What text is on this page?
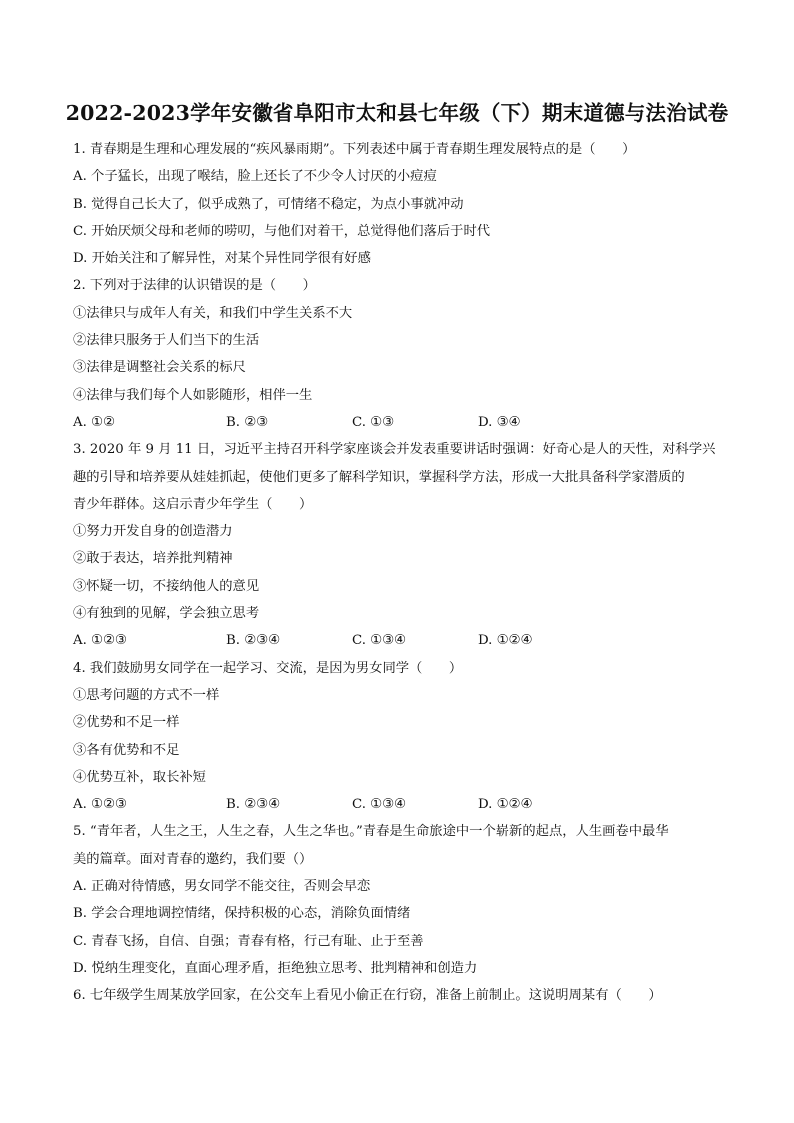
2022-2023学年安徽省阜阳市太和县七年级（下）期末道德与法治试卷
1. 青春期是生理和心理发展的“疾风暴雨期”。下列表述中属于青春期生理发展特点的是（　　）
A. 个子猛长，出现了喉结，脸上还长了不少令人讨厌的小痘痘
B. 觉得自己长大了，似乎成熟了，可情绪不稳定，为点小事就冲动
C. 开始厌烦父母和老师的唠叨，与他们对着干，总觉得他们落后于时代
D. 开始关注和了解异性，对某个异性同学很有好感
2. 下列对于法律的认识错误的是（　　）
①法律只与成年人有关，和我们中学生关系不大
②法律只服务于人们当下的生活
③法律是调整社会关系的标尺
④法律与我们每个人如影随形，相伴一生
A. ①②	B. ②③	C. ①③	D. ③④
3. 2020 年 9 月 11 日，习近平主持召开科学家座谈会并发表重要讲话时强调：好奇心是人的天性，对科学兴
趣的引导和培养要从娃娃抓起，使他们更多了解科学知识，掌握科学方法，形成一大批具备科学家潜质的
青少年群体。这启示青少年学生（　　）
①努力开发自身的创造潜力
②敢于表达，培养批判精神
③怀疑一切，不接纳他人的意见
④有独到的见解，学会独立思考
A. ①②③	B. ②③④	C. ①③④	D. ①②④
4. 我们鼓励男女同学在一起学习、交流，是因为男女同学（　　）
①思考问题的方式不一样
②优势和不足一样
③各有优势和不足
④优势互补，取长补短
A. ①②③	B. ②③④	C. ①③④	D. ①②④
5. “青年者，人生之王，人生之春，人生之华也。”青春是生命旅途中一个崭新的起点，人生画卷中最华
美的篇章。面对青春的邀约，我们要（）
A. 正确对待情感，男女同学不能交往，否则会早恋
B. 学会合理地调控情绪，保持积极的心态，消除负面情绪
C. 青春飞扬，自信、自强；青春有格，行己有耻、止于至善
D. 悦纳生理变化，直面心理矛盾，拒绝独立思考、批判精神和创造力
6. 七年级学生周某放学回家，在公交车上看见小偷正在行窃，准备上前制止。这说明周某有（　　）
